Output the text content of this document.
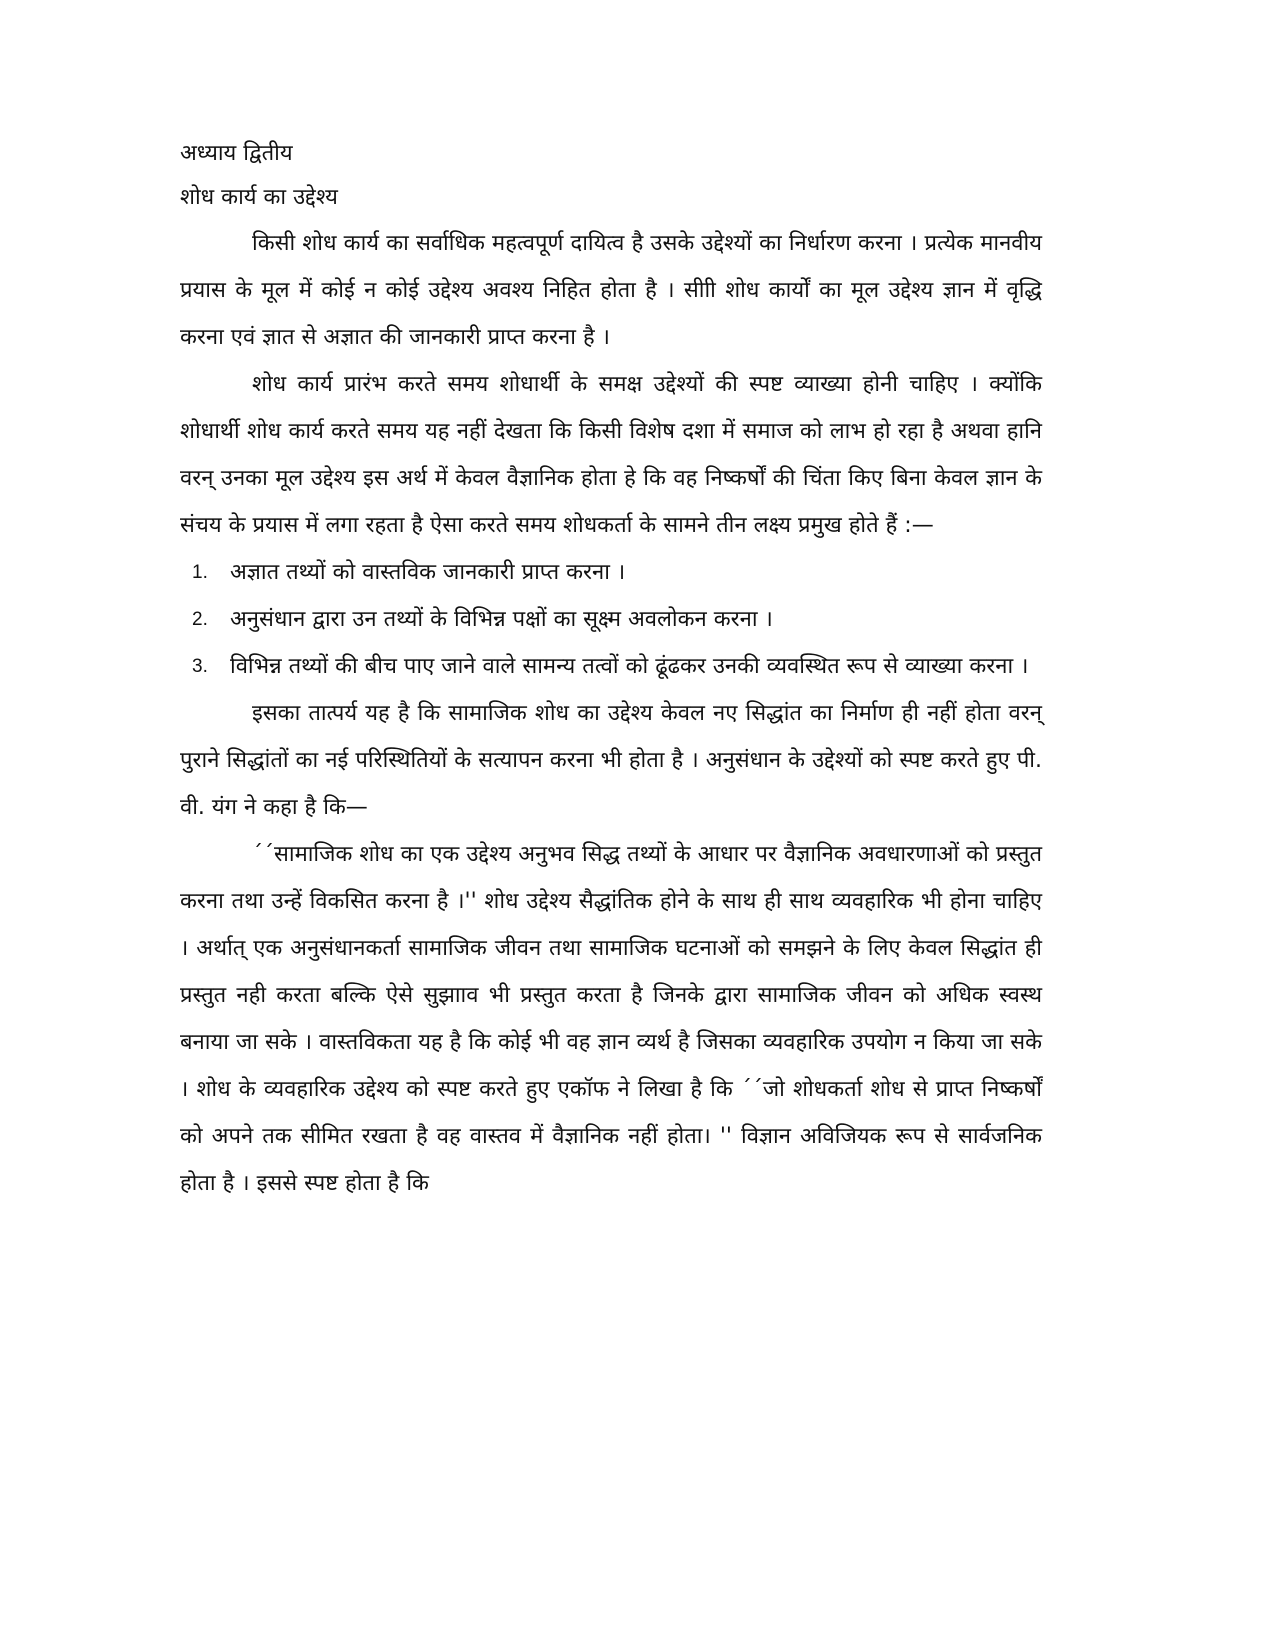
अध्याय द्वितीय

शोध कार्य का उद्देश्य

किसी शोध कार्य का सर्वाधिक महत्वपूर्ण दायित्व है उसके उद्देश्यों का निर्धारण करना । प्रत्येक मानवीय प्रयास के मूल में कोई न कोई उद्देश्य अवश्य निहित होता है । सीाी शोध कार्यों का मूल उद्देश्य ज्ञान में वृद्धि करना एवं ज्ञात से अज्ञात की जानकारी प्राप्त करना है ।

शोध कार्य प्रारंभ करते समय शोधार्थी के समक्ष उद्देश्यों की स्पष्ट व्याख्या होनी चाहिए । क्योंकि शोधार्थी शोध कार्य करते समय यह नहीं देखता कि किसी विशेष दशा में समाज को लाभ हो रहा है अथवा हानि वरन् उनका मूल उद्देश्य इस अर्थ में केवल वैज्ञानिक होता हे कि वह निष्कर्षों की चिंता किए बिना केवल ज्ञान के संचय के प्रयास में लगा रहता है ऐसा करते समय शोधकर्ता के सामने तीन लक्ष्य प्रमुख होते हैं :—

1. अज्ञात तथ्यों को वास्तविक जानकारी प्राप्त करना ।
2. अनुसंधान द्वारा उन तथ्यों के विभिन्न पक्षों का सूक्ष्म अवलोकन करना ।
3. विभिन्न तथ्यों की बीच पाए जाने वाले सामन्य तत्वों को ढूंढकर उनकी व्यवस्थित रूप से व्याख्या करना ।

इसका तात्पर्य यह है कि सामाजिक शोध का उद्देश्य केवल नए सिद्धांत का निर्माण ही नहीं होता वरन् पुराने सिद्धांतों का नई परिस्थितियों के सत्यापन करना भी होता है । अनुसंधान के उद्देश्यों को स्पष्ट करते हुए पी. वी. यंग ने कहा है कि—

´´सामाजिक शोध का एक उद्देश्य अनुभव सिद्ध तथ्यों के आधार पर वैज्ञानिक अवधारणाओं को प्रस्तुत करना तथा उन्हें विकसित करना है ।'' शोध उद्देश्य सैद्धांतिक होने के साथ ही साथ व्यवहारिक भी होना चाहिए । अर्थात् एक अनुसंधानकर्ता सामाजिक जीवन तथा सामाजिक घटनाओं को समझने के लिए केवल सिद्धांत ही प्रस्तुत नही करता बल्कि ऐसे सुझााव भी प्रस्तुत करता है जिनके द्वारा सामाजिक जीवन को अधिक स्वस्थ बनाया जा सके । वास्तविकता यह है कि कोई भी वह ज्ञान व्यर्थ है जिसका व्यवहारिक उपयोग न किया जा सके । शोध के व्यवहारिक उद्देश्य को स्पष्ट करते हुए एकॉफ ने लिखा है कि ´´जो शोधकर्ता शोध से प्राप्त निष्कर्षों को अपने तक सीमित रखता है वह वास्तव में वैज्ञानिक नहीं होता। '' विज्ञान अविजियक रूप से सार्वजनिक होता है । इससे स्पष्ट होता है कि
